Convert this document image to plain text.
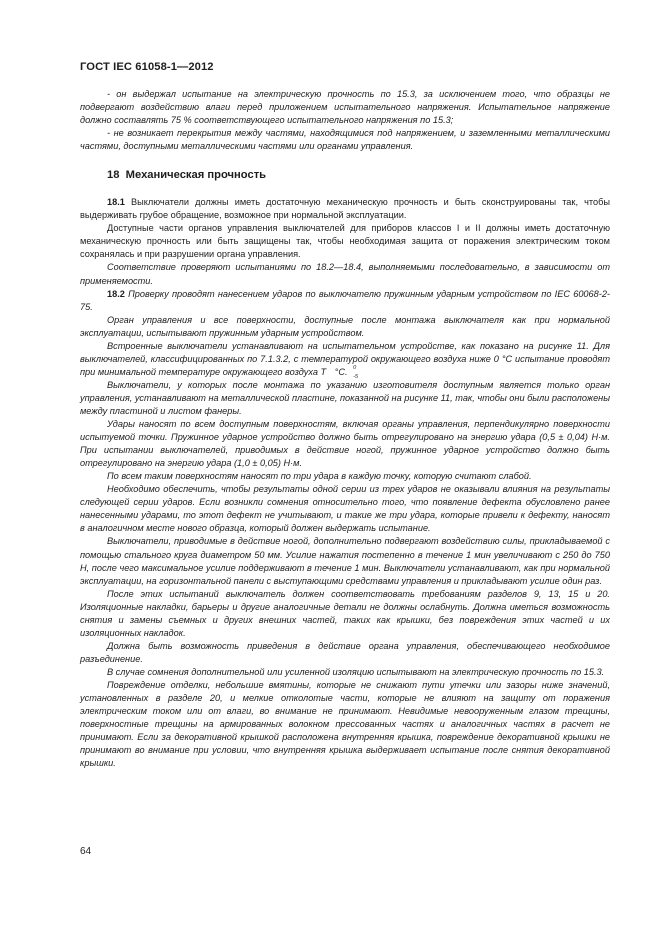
ГОСТ IEC 61058-1—2012

- он выдержал испытание на электрическую прочность по 15.3, за исключением того, что образцы не подвергают воздействию влаги перед приложением испытательного напряжения. Испытательное напряжение должно составлять 75 % соответствующего испытательного напряжения по 15.3;

- не возникает перекрытия между частями, находящимися под напряжением, и заземленными металлическими частями, доступными металлическими частями или органами управления.

18 Механическая прочность

18.1 Выключатели должны иметь достаточную механическую прочность и быть сконструированы так, чтобы выдерживать грубое обращение, возможное при нормальной эксплуатации.

Доступные части органов управления выключателей для приборов классов I и II должны иметь достаточную механическую прочность или быть защищены так, чтобы необходимая защита от поражения электрическим током сохранялась и при разрушении органа управления.

Соответствие проверяют испытаниями по 18.2—18.4, выполняемыми последовательно, в зависимости от применяемости.

18.2 Проверку проводят нанесением ударов по выключателю пружинным ударным устройством по IEC 60068-2-75.

Орган управления и все поверхности, доступные после монтажа выключателя как при нормальной эксплуатации, испытывают пружинным ударным устройством.

Встроенные выключатели устанавливают на испытательном устройстве, как показано на рисунке 11. Для выключателей, классифицированных по 7.1.3.2, с температурой окружающего воздуха ниже 0 °С испытание проводят при минимальной температуре окружающего воздуха T	0
-5
°С.

Выключатели, у которых после монтажа по указанию изготовителя доступным является только орган управления, устанавливают на металлической пластине, показанной на рисунке 11, так, чтобы они были расположены между пластиной и листом фанеры.

Удары наносят по всем доступным поверхностям, включая органы управления, перпендикулярно поверхности испытуемой точки. Пружинное ударное устройство должно быть отрегулировано на энергию удара (0,5 ± 0,04) Н·м. При испытании выключателей, приводимых в действие ногой, пружинное ударное устройство должно быть отрегулировано на энергию удара (1,0 ± 0,05) Н·м.

По всем таким поверхностям наносят по три удара в каждую точку, которую считают слабой.

Необходимо обеспечить, чтобы результаты одной серии из трех ударов не оказывали влияния на результаты следующей серии ударов. Если возникли сомнения относительно того, что появление дефекта обусловлено ранее нанесенными ударами, то этот дефект не учитывают, и такие же три удара, которые привели к дефекту, наносят в аналогичном месте нового образца, который должен выдержать испытание.

Выключатели, приводимые в действие ногой, дополнительно подвергают воздействию силы, прикладываемой с помощью стального круга диаметром 50 мм. Усилие нажатия постепенно в течение 1 мин увеличивают с 250 до 750 Н, после чего максимальное усилие поддерживают в течение 1 мин. Выключатели устанавливают, как при нормальной эксплуатации, на горизонтальной панели с выступающими средствами управления и прикладывают усилие один раз.

После этих испытаний выключатель должен соответствовать требованиям разделов 9, 13, 15 и 20. Изоляционные накладки, барьеры и другие аналогичные детали не должны ослабнуть. Должна иметься возможность снятия и замены съемных и других внешних частей, таких как крышки, без повреждения этих частей и их изоляционных накладок.

Должна быть возможность приведения в действие органа управления, обеспечивающего необходимое разъединение.

В случае сомнения дополнительной или усиленной изоляцию испытывают на электрическую прочность по 15.3.

Повреждение отделки, небольшие вмятины, которые не снижают пути утечки или зазоры ниже значений, установленных в разделе 20, и мелкие отколотые части, которые не влияют на защиту от поражения электрическим током или от влаги, во внимание не принимают. Невидимые невооруженным глазом трещины, поверхностные трещины на армированных волокном прессованных частях и аналогичных частях в расчет не принимают. Если за декоративной крышкой расположена внутренняя крышка, повреждение декоративной крышки не принимают во внимание при условии, что внутренняя крышка выдерживает испытание после снятия декоративной крышки.

64
